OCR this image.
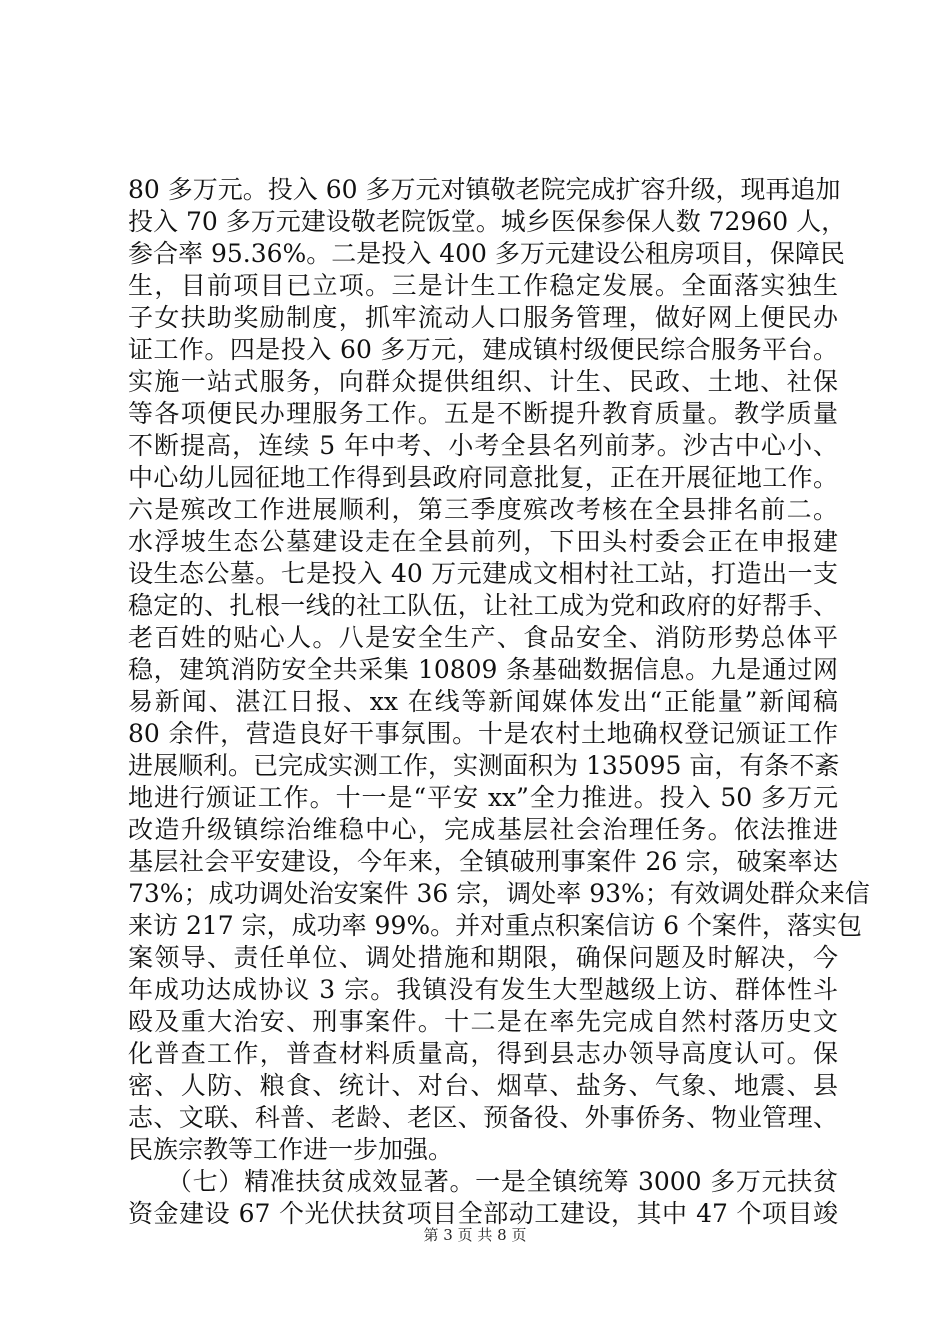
80 多万元。投入 60 多万元对镇敬老院完成扩容升级，现再追加
投入 70 多万元建设敬老院饭堂。城乡医保参保人数 72960 人，
参合率 95.36%。二是投入 400 多万元建设公租房项目，保障民
生，目前项目已立项。三是计生工作稳定发展。全面落实独生
子女扶助奖励制度，抓牢流动人口服务管理，做好网上便民办
证工作。四是投入 60 多万元，建成镇村级便民综合服务平台。
实施一站式服务，向群众提供组织、计生、民政、土地、社保
等各项便民办理服务工作。五是不断提升教育质量。教学质量
不断提高，连续 5 年中考、小考全县名列前茅。沙古中心小、
中心幼儿园征地工作得到县政府同意批复，正在开展征地工作。
六是殡改工作进展顺利，第三季度殡改考核在全县排名前二。
水浮坡生态公墓建设走在全县前列，下田头村委会正在申报建
设生态公墓。七是投入 40 万元建成文相村社工站，打造出一支
稳定的、扎根一线的社工队伍，让社工成为党和政府的好帮手、
老百姓的贴心人。八是安全生产、食品安全、消防形势总体平
稳，建筑消防安全共采集 10809 条基础数据信息。九是通过网
易新闻、湛江日报、xx 在线等新闻媒体发出“正能量”新闻稿
80 余件，营造良好干事氛围。十是农村土地确权登记颁证工作
进展顺利。已完成实测工作，实测面积为 135095 亩，有条不紊
地进行颁证工作。十一是“平安 xx”全力推进。投入 50 多万元
改造升级镇综治维稳中心，完成基层社会治理任务。依法推进
基层社会平安建设，今年来，全镇破刑事案件 26 宗，破案率达
73%；成功调处治安案件 36 宗，调处率 93%；有效调处群众来信
来访 217 宗，成功率 99%。并对重点积案信访 6 个案件，落实包
案领导、责任单位、调处措施和期限，确保问题及时解决，今
年成功达成协议 3 宗。我镇没有发生大型越级上访、群体性斗
殴及重大治安、刑事案件。十二是在率先完成自然村落历史文
化普查工作，普查材料质量高，得到县志办领导高度认可。保
密、人防、粮食、统计、对台、烟草、盐务、气象、地震、县
志、文联、科普、老龄、老区、预备役、外事侨务、物业管理、
民族宗教等工作进一步加强。
　　（七）精准扶贫成效显著。一是全镇统筹 3000 多万元扶贫
资金建设 67 个光伏扶贫项目全部动工建设，其中 47 个项目竣
第 3 页 共 8 页
